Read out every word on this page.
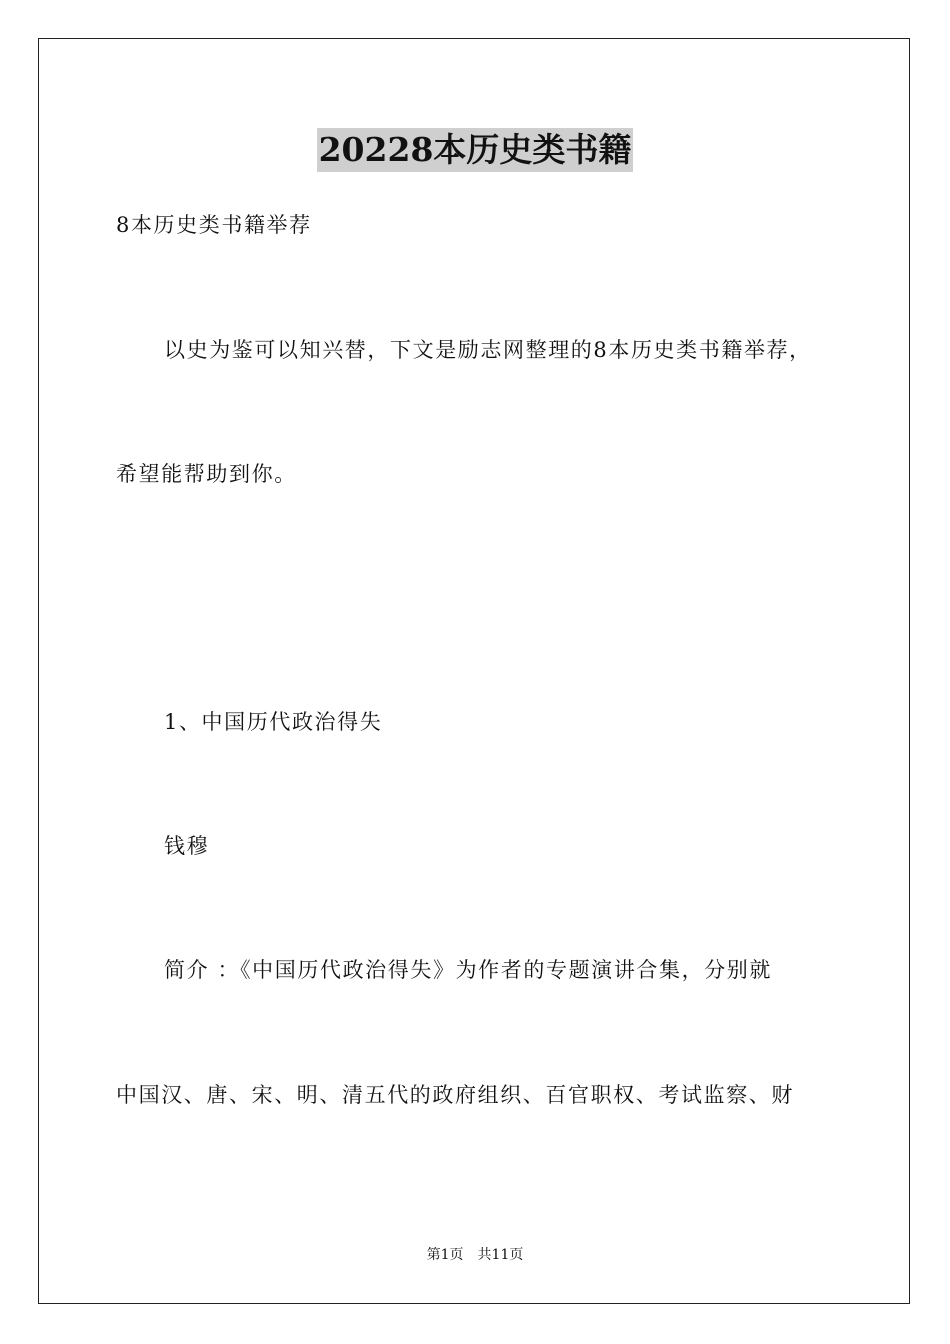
20228本历史类书籍
8本历史类书籍举荐
以史为鉴可以知兴替，下文是励志网整理的8本历史类书籍举荐，
希望能帮助到你。
1、中国历代政治得失
钱穆
简介 ：《中国历代政治得失》为作者的专题演讲合集，分别就
中国汉、唐、宋、明、清五代的政府组织、百官职权、考试监察、财
第1页 共11页
